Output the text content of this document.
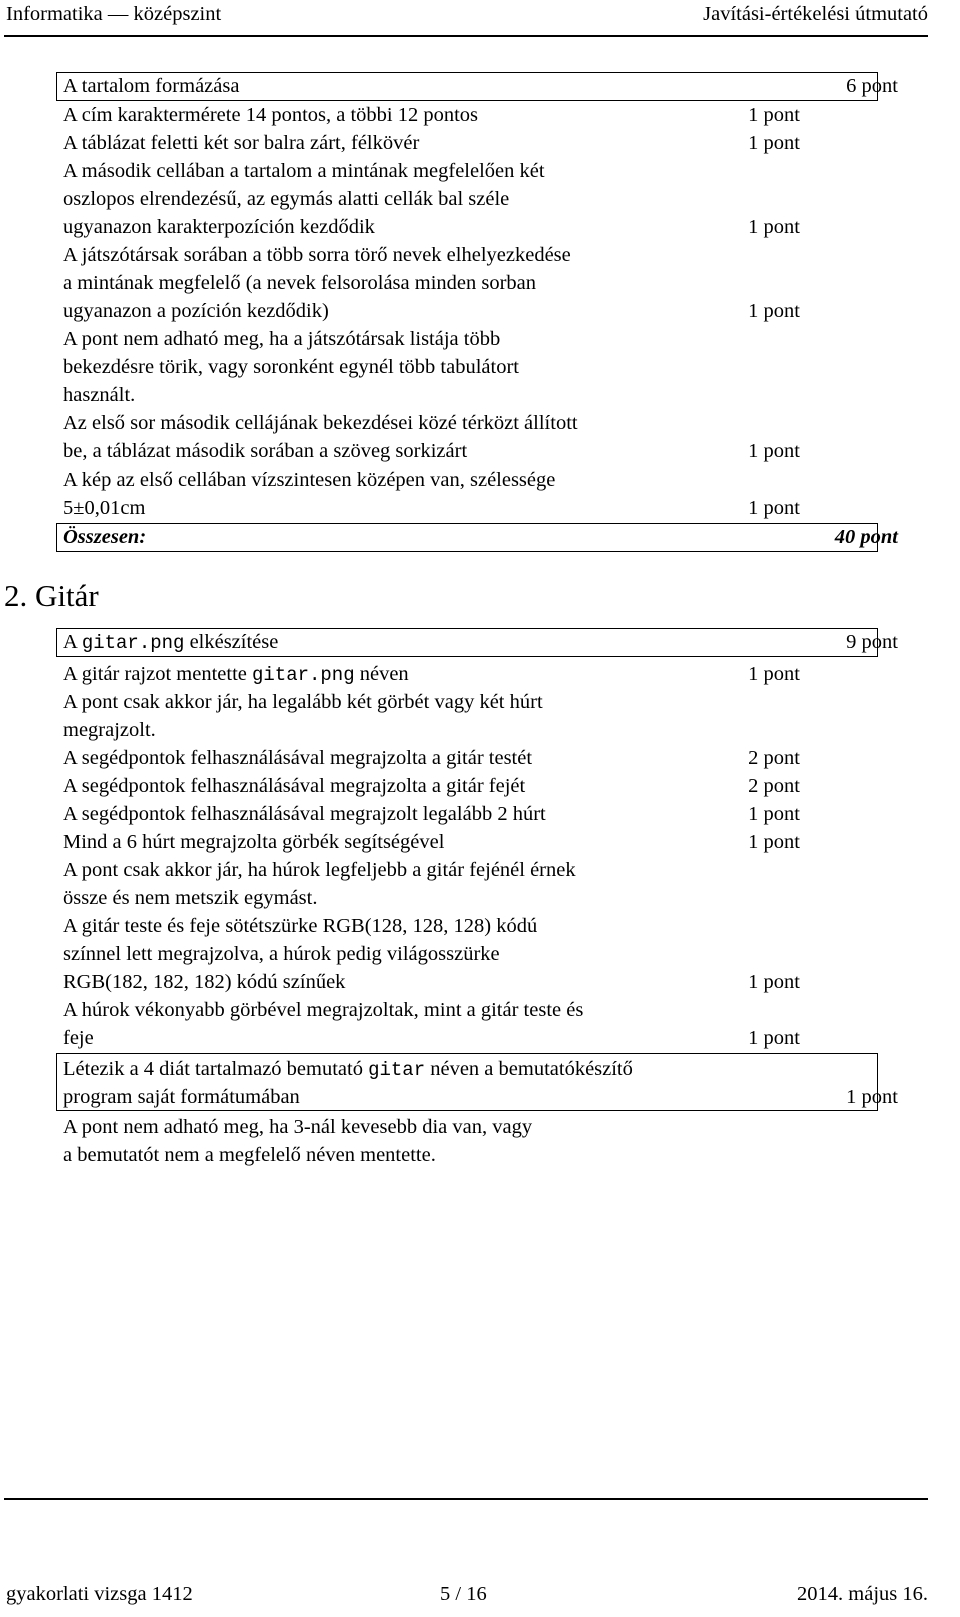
Informatika — középszint	Javítási-értékelési útmutató
A tartalom formázása	6 pont
A cím karaktermérete 14 pontos, a többi 12 pontos	1 pont
A táblázat feletti két sor balra zárt, félkövér	1 pont
A második cellában a tartalom a mintának megfelelően két
oszlopos elrendezésű, az egymás alatti cellák bal széle
ugyanazon karakterpozíción kezdődik	1 pont
A játszótársak sorában a több sorra törő nevek elhelyezkedése
a mintának megfelelő (a nevek felsorolása minden sorban
ugyanazon a pozíción kezdődik)	1 pont
A pont nem adható meg, ha a játszótársak listája több
bekezdésre törik, vagy soronként egynél több tabulátort
használt.
Az első sor második cellájának bekezdései közé térközt állított
be, a táblázat második sorában a szöveg sorkizárt	1 pont
A kép az első cellában vízszintesen középen van, szélessége
5±0,01cm	1 pont
Összesen:	40 pont
2. Gitár
A gitar.png elkészítése	9 pont
A gitár rajzot mentette gitar.png néven	1 pont
A pont csak akkor jár, ha legalább két görbét vagy két húrt
megrajzolt.
A segédpontok felhasználásával megrajzolta a gitár testét	2 pont
A segédpontok felhasználásával megrajzolta a gitár fejét	2 pont
A segédpontok felhasználásával megrajzolt legalább 2 húrt	1 pont
Mind a 6 húrt megrajzolta görbék segítségével	1 pont
A pont csak akkor jár, ha húrok legfeljebb a gitár fejénél érnek
össze és nem metszik egymást.
A gitár teste és feje sötétszürke RGB(128, 128, 128) kódú
színnel lett megrajzolva, a húrok pedig világosszürke
RGB(182, 182, 182) kódú színűek	1 pont
A húrok vékonyabb görbével megrajzoltak, mint a gitár teste és
feje	1 pont
Létezik a 4 diát tartalmazó bemutató gitar néven a bemutatókészítő
program saját formátumában	1 pont
A pont nem adható meg, ha 3-nál kevesebb dia van, vagy
a bemutatót nem a megfelelő néven mentette.
gyakorlati vizsga 1412	5 / 16	2014. május 16.
